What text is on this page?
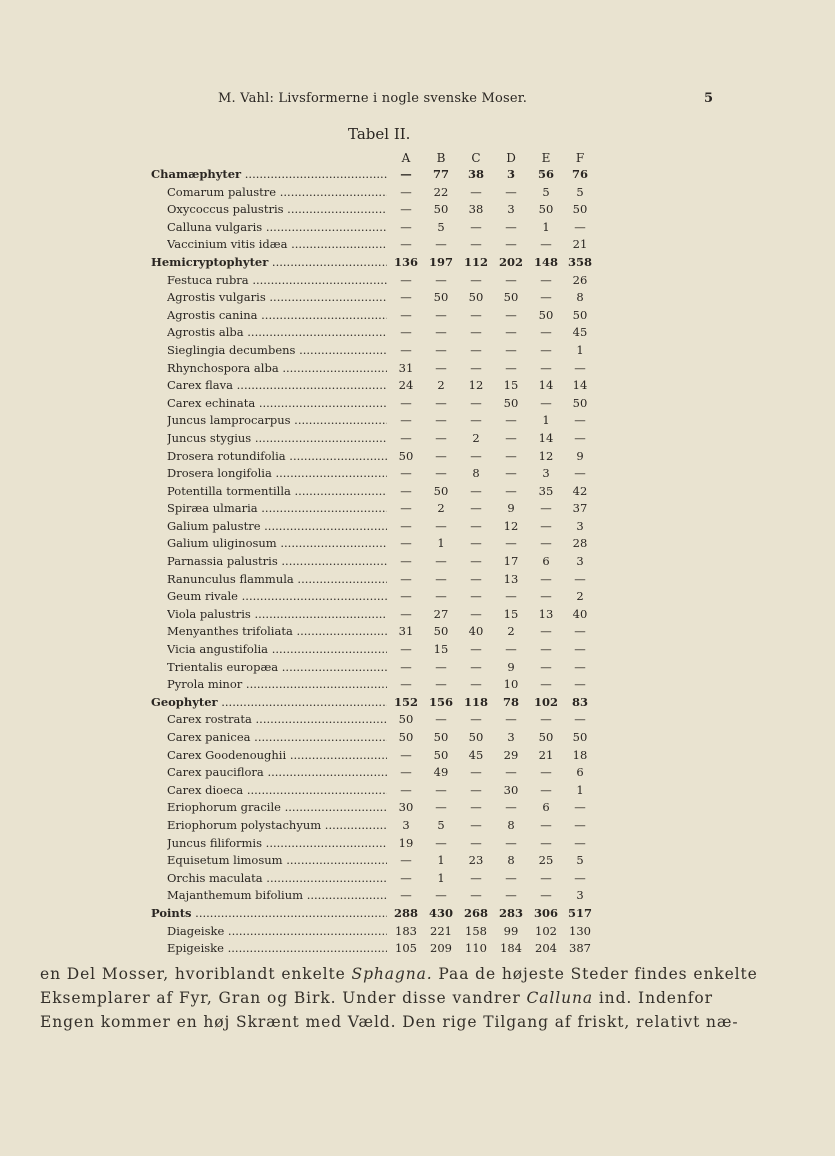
M. Vahl: Livsformerne i nogle svenske Moser.	5
Tabel II.
A	B	C	D	E	F
Chamæphyter .....	—	77	38	3	56	76
Comarum palustre .....	—	22	—	—	5	5
Oxycoccus palustris .....	—	50	38	3	50	50
Calluna vulgaris .....	—	5	—	—	1	—
Vaccinium vitis idæa .....	—	—	—	—	—	21
Hemicryptophyter .....	136 197 112 202 148 358
Festuca rubra .....	—	—	—	—	—	26
Agrostis vulgaris .....	—	50	50	50	—	8
Agrostis canina .....	—	—	—	—	50	50
Agrostis alba .....	—	—	—	—	—	45
Sieglingia decumbens .....	—	—	—	—	—	1
Rhynchospora alba .....	31	—	—	—	—	—
Carex flava .....	24	2	12	15	14	14
Carex echinata .....	—	—	—	50	—	50
Juncus lamprocarpus .....	—	—	—	—	1	—
Juncus stygius .....	—	—	2	—	14	—
Drosera rotundifolia .....	50	—	—	—	12	9
Drosera longifolia .....	—	—	8	—	3	—
Potentilla tormentilla .....	—	50	—	—	35	42
Spiræa ulmaria .....	—	2	—	9	—	37
Galium palustre .....	—	—	—	12	—	3
Galium uliginosum .....	—	1	—	—	—	28
Parnassia palustris .....	—	—	—	17	6	3
Ranunculus flammula .....	—	—	—	13	—	—
Geum rivale .....	—	—	—	—	—	2
Viola palustris .....	—	27	—	15	13	40
Menyanthes trifoliata .....	31	50	40	2	—	—
Vicia angustifolia .....	—	15	—	—	—	—
Trientalis europæa .....	—	—	—	9	—	—
Pyrola minor .....	—	—	—	10	—	—
Geophyter .....	152 156 118	78	102	83
Carex rostrata .....	50	—	—	—	—	—
Carex panicea .....	50	50	50	3	50	50
Carex Goodenoughii .....	—	50	45	29	21	18
Carex pauciflora .....	—	49	—	—	—	6
Carex dioeca .....	—	—	—	30	—	1
Eriophorum gracile .....	30	—	—	—	6	—
Eriophorum polystachyum .....	3	5	—	8	—	—
Juncus filiformis .....	19	—	—	—	—	—
Equisetum limosum .....	—	1	23	8	25	5
Orchis maculata .....	—	1	—	—	—	—
Majanthemum bifolium .....	—	—	—	—	—	3
Points .....	288 430 268 283 306 517
Diageiske .....	183	221	158	99	102	130
Epigeiske .....	105	209	110	184	204	387

en Del Mosser, hvoriblandt enkelte Sphagna. Paa de højeste Steder findes enkelte

Eksemplarer af Fyr, Gran og Birk. Under disse vandrer Calluna ind. Indenfor

Engen kommer en høj Skrænt med Væld. Den rige Tilgang af friskt, relativt næ-
